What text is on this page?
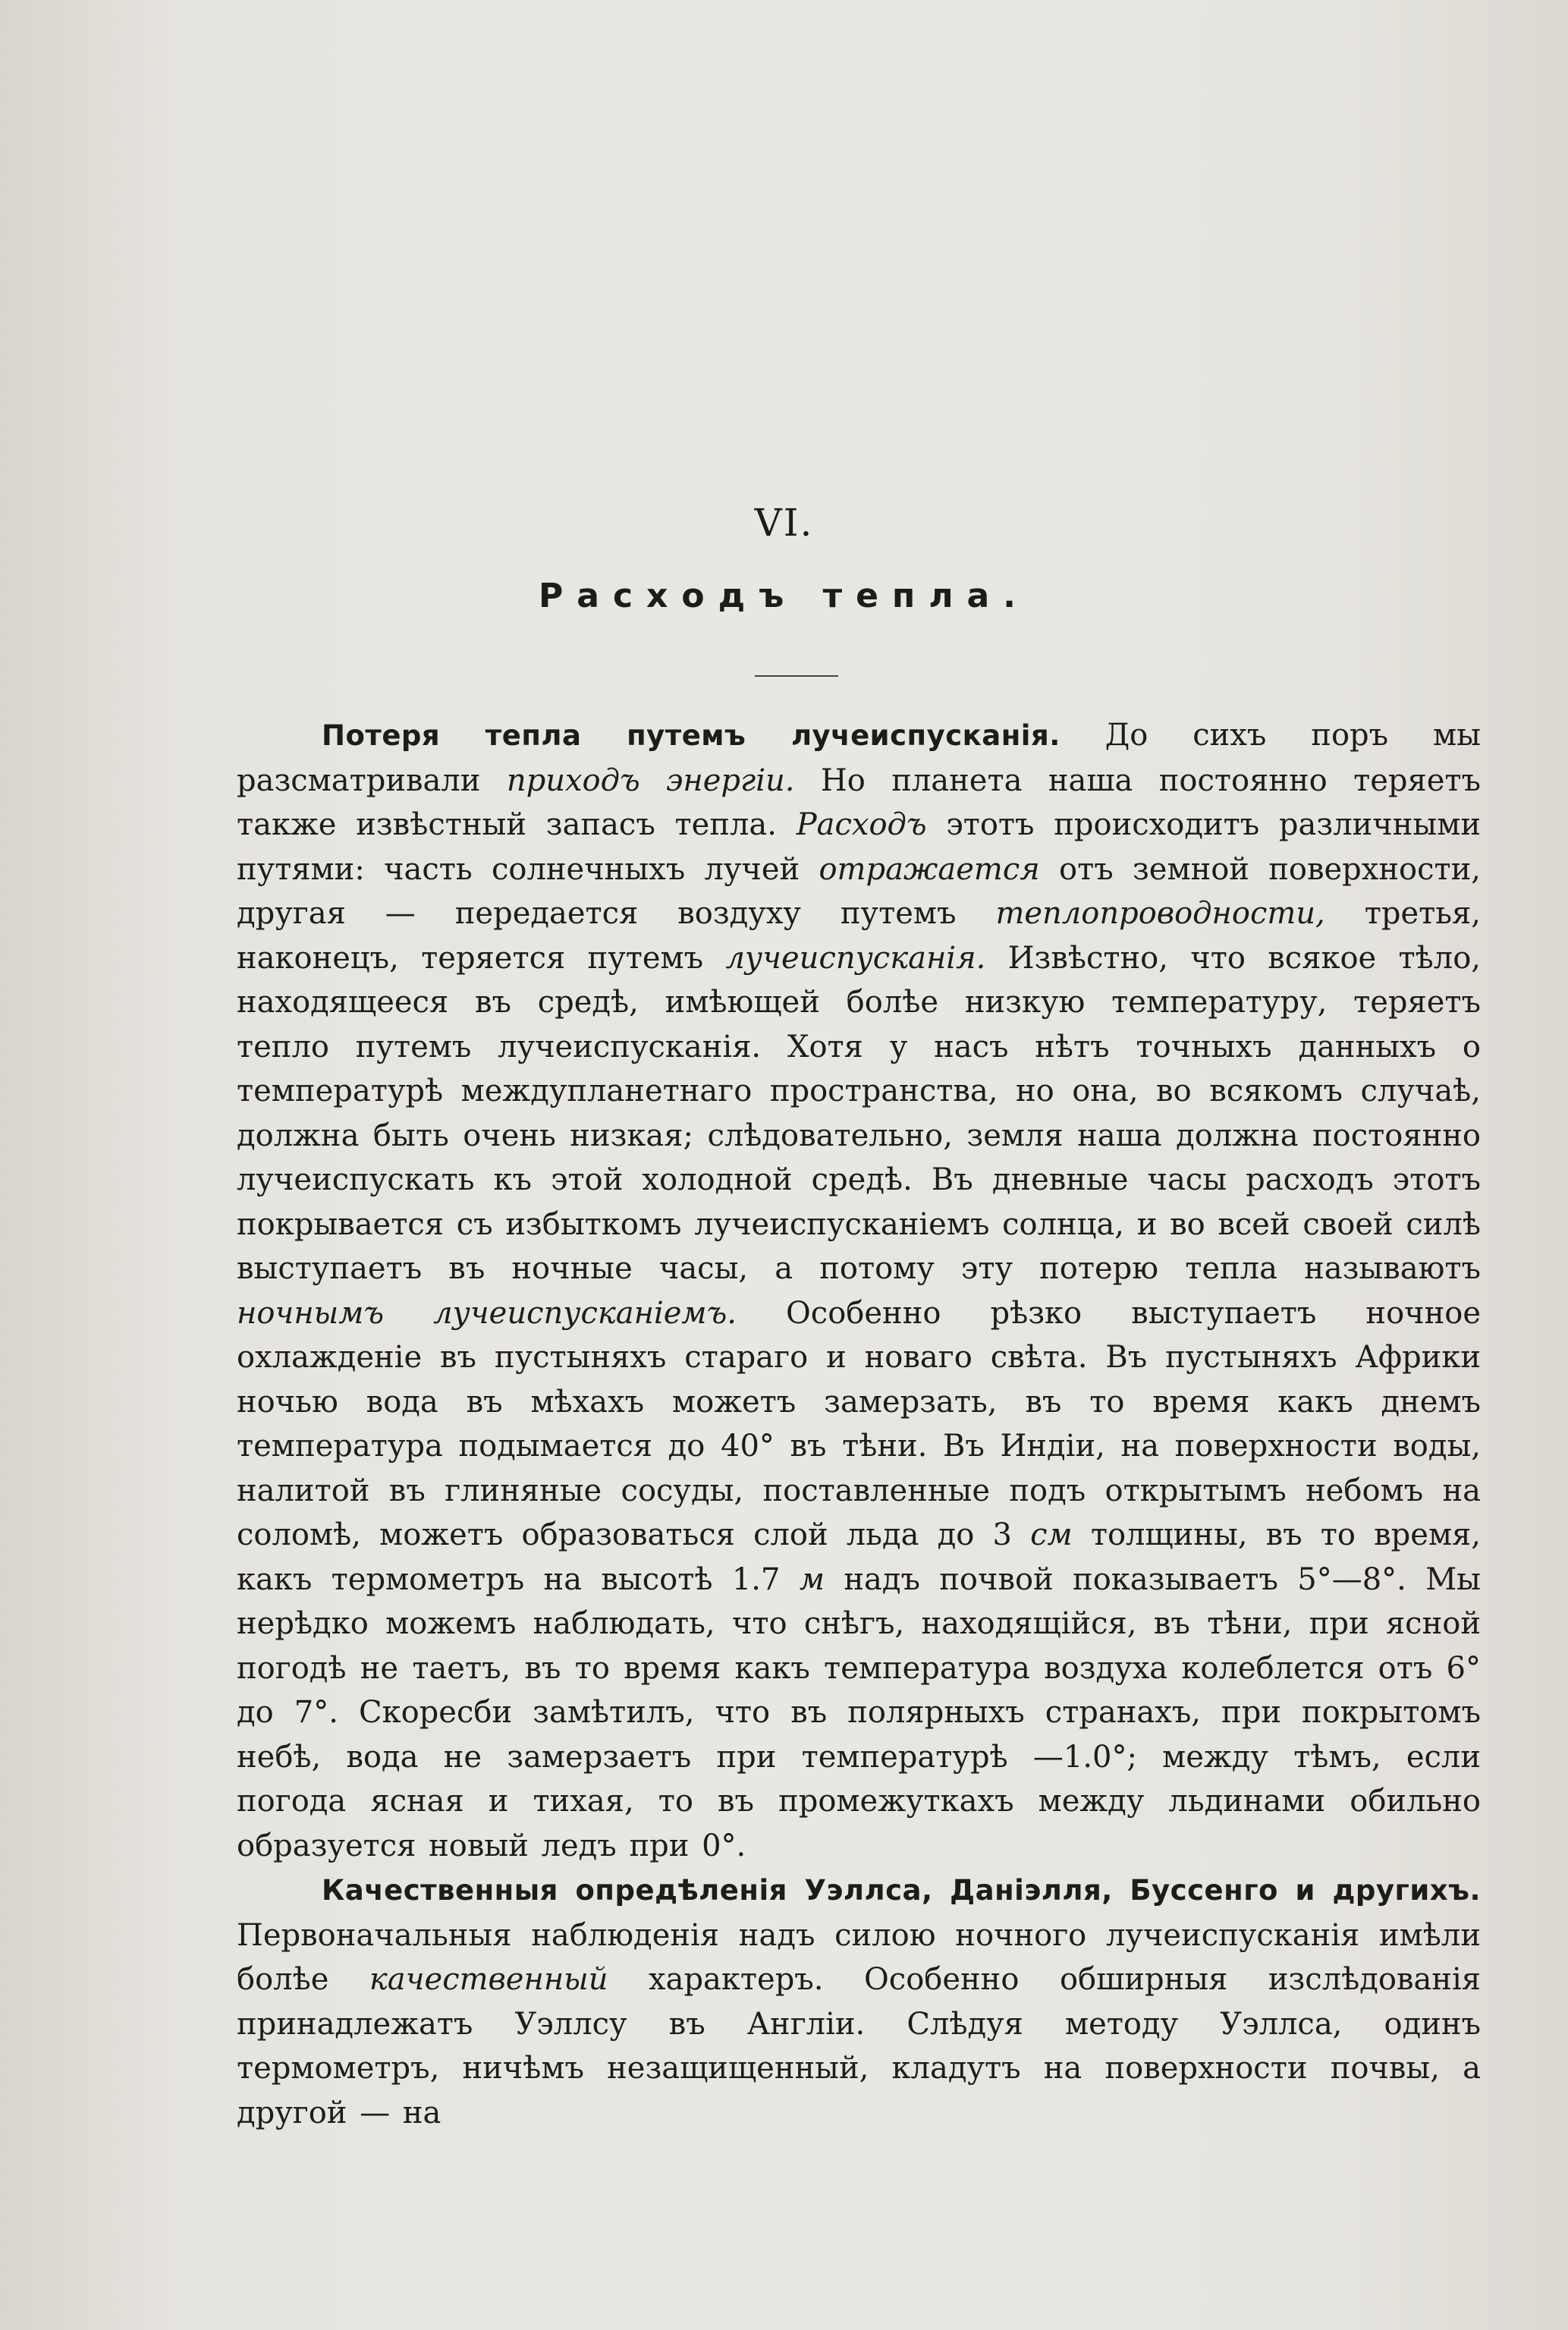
VI.
Расходъ тепла.

Потеря тепла путемъ лучеиспусканія. До сихъ поръ мы разсматривали приходъ энергіи. Но планета наша постоянно теряетъ также извѣстный запасъ тепла. Расходъ этотъ происходитъ различными путями: часть солнечныхъ лучей отражается отъ земной поверхности, другая — передается воздуху путемъ теплопроводности, третья, наконецъ, теряется путемъ лучеиспусканія. Извѣстно, что всякое тѣло, находящееся въ средѣ, имѣющей болѣе низкую температуру, теряетъ тепло путемъ лучеиспусканія. Хотя у насъ нѣтъ точныхъ данныхъ о температурѣ междупланетнаго пространства, но она, во всякомъ случаѣ, должна быть очень низкая; слѣдовательно, земля наша должна постоянно лучеиспускать къ этой холодной средѣ. Въ дневные часы расходъ этотъ покрывается съ избыткомъ лучеиспусканіемъ солнца, и во всей своей силѣ выступаетъ въ ночные часы, а потому эту потерю тепла называютъ ночнымъ лучеиспусканіемъ. Особенно рѣзко выступаетъ ночное охлажденіе въ пустыняхъ стараго и новаго свѣта. Въ пустыняхъ Африки ночью вода въ мѣхахъ можетъ замерзать, въ то время какъ днемъ температура подымается до 40° въ тѣни. Въ Индіи, на поверхности воды, налитой въ глиняные сосуды, поставленные подъ открытымъ небомъ на соломѣ, можетъ образоваться слой льда до 3 см толщины, въ то время, какъ термометръ на высотѣ 1.7 м надъ почвой показываетъ 5°—8°. Мы нерѣдко можемъ наблюдать, что снѣгъ, находящійся, въ тѣни, при ясной погодѣ не таетъ, въ то время какъ температура воздуха колеблется отъ 6° до 7°. Скоресби замѣтилъ, что въ полярныхъ странахъ, при покрытомъ небѣ, вода не замерзаетъ при температурѣ —1.0°; между тѣмъ, если погода ясная и тихая, то въ промежуткахъ между льдинами обильно образуется новый ледъ при 0°.

Качественныя опредѣленія Уэллса, Даніэлля, Буссенго и другихъ. Первоначальныя наблюденія надъ силою ночного лучеиспусканія имѣли болѣе качественный характеръ. Особенно обширныя изслѣдованія принадлежатъ Уэллсу въ Англіи. Слѣдуя методу Уэллса, одинъ термометръ, ничѣмъ незащищенный, кладутъ на поверхности почвы, а другой — на
